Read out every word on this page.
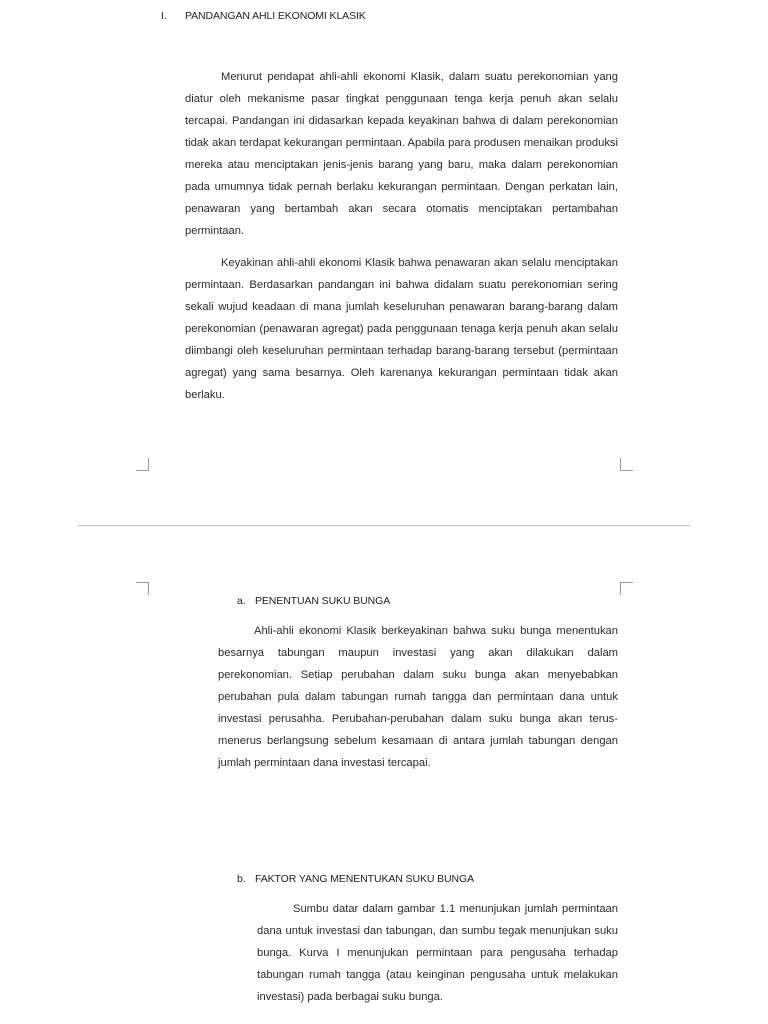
I. PANDANGAN AHLI EKONOMI KLASIK

Menurut pendapat ahli-ahli ekonomi Klasik, dalam suatu perekonomian yang diatur oleh mekanisme pasar tingkat penggunaan tenga kerja penuh akan selalu tercapai. Pandangan ini didasarkan kepada keyakinan bahwa di dalam perekonomian tidak akan terdapat kekurangan permintaan. Apabila para produsen menaikan produksi mereka atau menciptakan jenis-jenis barang yang baru, maka dalam perekonomian pada umumnya tidak pernah berlaku kekurangan permintaan. Dengan perkatan lain, penawaran yang bertambah akan secara otomatis menciptakan pertambahan permintaan.

Keyakinan ahli-ahli ekonomi Klasik bahwa penawaran akan selalu menciptakan permintaan. Berdasarkan pandangan ini bahwa didalam suatu perekonomian sering sekali wujud keadaan di mana jumlah keseluruhan penawaran barang-barang dalam perekonomian (penawaran agregat) pada penggunaan tenaga kerja penuh akan selalu diimbangi oleh keseluruhan permintaan terhadap barang-barang tersebut (permintaan agregat) yang sama besarnya. Oleh karenanya kekurangan permintaan tidak akan berlaku.

a. PENENTUAN SUKU BUNGA

Ahli-ahli ekonomi Klasik berkeyakinan bahwa suku bunga menentukan besarnya tabungan maupun investasi yang akan dilakukan dalam perekonomian. Setiap perubahan dalam suku bunga akan menyebabkan perubahan pula dalam tabungan rumah tangga dan permintaan dana untuk investasi perusahha. Perubahan-perubahan dalam suku bunga akan terus- menerus berlangsung sebelum kesamaan di antara jumlah tabungan dengan jumlah permintaan dana investasi tercapai.

b. FAKTOR YANG MENENTUKAN SUKU BUNGA

Sumbu datar dalam gambar 1.1 menunjukan jumlah permintaan dana untuk investasi dan tabungan, dan sumbu tegak menunjukan suku bunga. Kurva I menunjukan permintaan para pengusaha terhadap tabungan rumah tangga (atau keinginan pengusaha untuk melakukan investasi) pada berbagai suku bunga.
